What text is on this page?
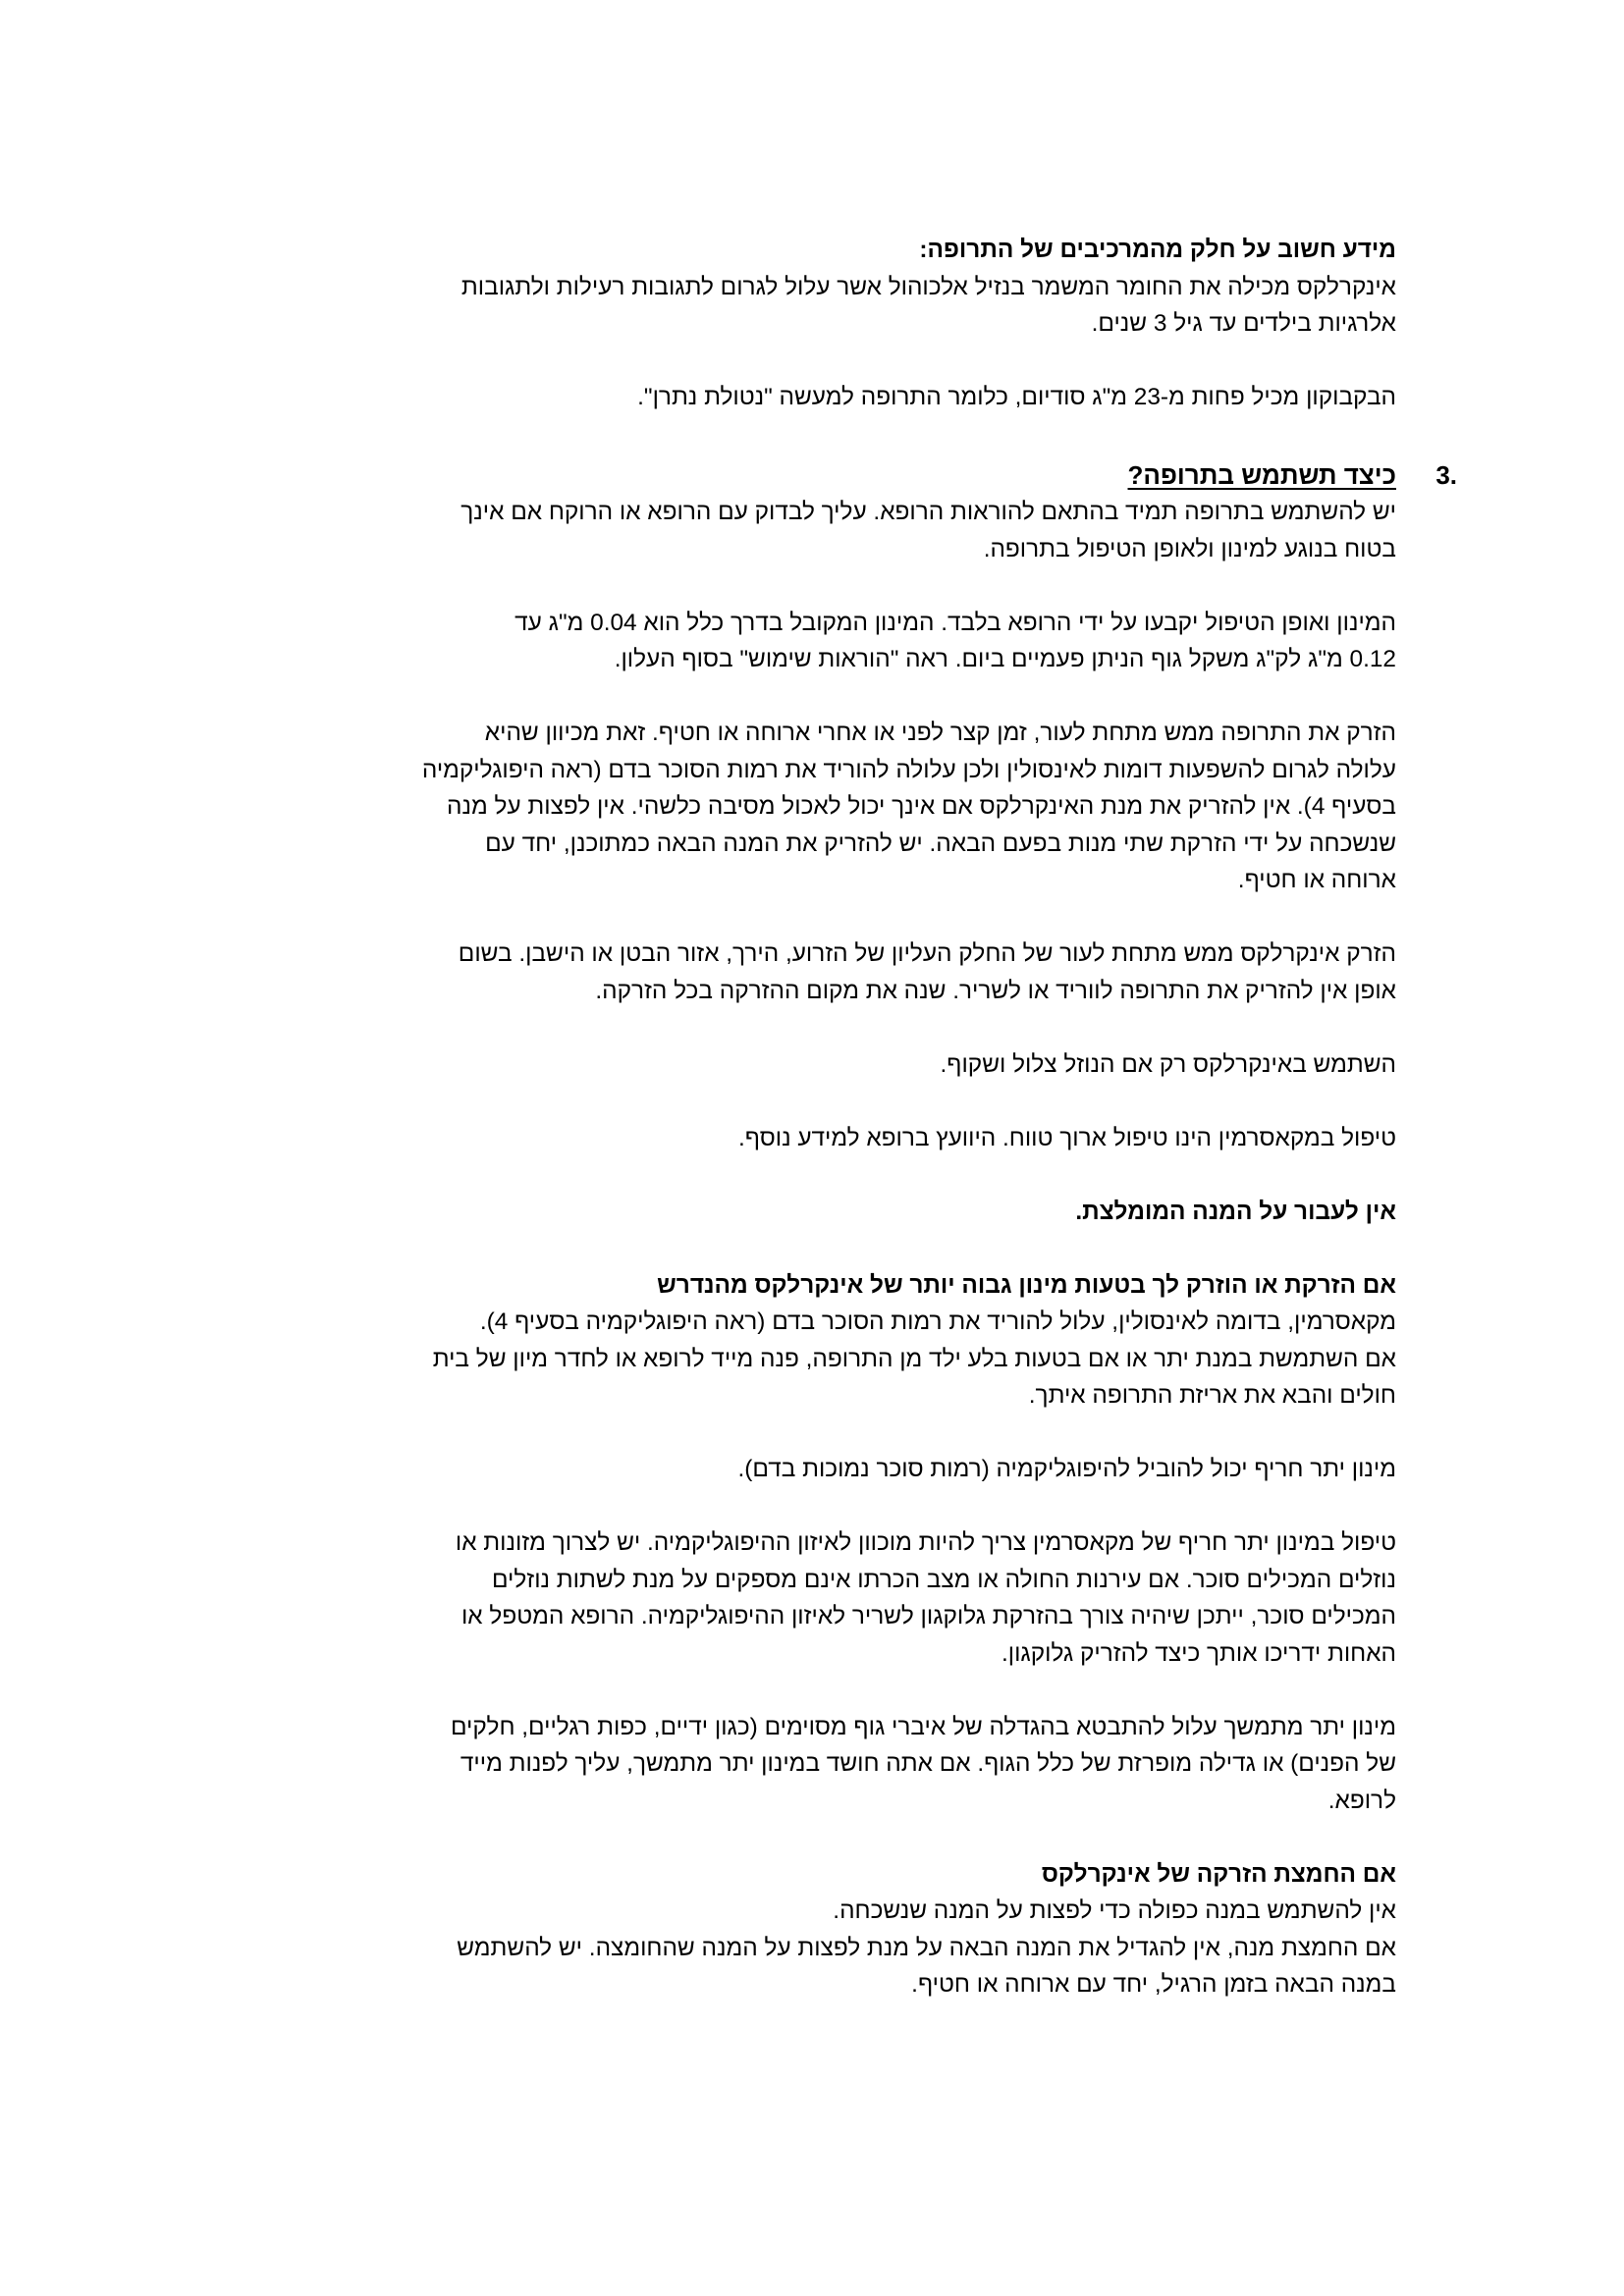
מידע חשוב על חלק מהמרכיבים של התרופה:
אינקרלקס מכילה את החומר המשמר בנזיל אלכוהול אשר עלול לגרום לתגובות רעילות ולתגובות
אלרגיות בילדים עד גיל 3 שנים.
הבקבוקון מכיל פחות מ-23 מ"ג סודיום, כלומר התרופה למעשה "נטולת נתרן".
3.
כיצד תשתמש בתרופה?
יש להשתמש בתרופה תמיד בהתאם להוראות הרופא. עליך לבדוק עם הרופא או הרוקח אם אינך
בטוח בנוגע למינון ולאופן הטיפול בתרופה.
המינון ואופן הטיפול יקבעו על ידי הרופא בלבד. המינון המקובל בדרך כלל הוא 0.04 מ"ג עד
0.12 מ"ג לק"ג משקל גוף הניתן פעמיים ביום. ראה "הוראות שימוש" בסוף העלון.
הזרק את התרופה ממש מתחת לעור, זמן קצר לפני או אחרי ארוחה או חטיף. זאת מכיוון שהיא
עלולה לגרום להשפעות דומות לאינסולין ולכן עלולה להוריד את רמות הסוכר בדם (ראה היפוגליקמיה
בסעיף 4). אין להזריק את מנת האינקרלקס אם אינך יכול לאכול מסיבה כלשהי. אין לפצות על מנה
שנשכחה על ידי הזרקת שתי מנות בפעם הבאה. יש להזריק את המנה הבאה כמתוכנן, יחד עם
ארוחה או חטיף.
הזרק אינקרלקס ממש מתחת לעור של החלק העליון של הזרוע, הירך, אזור הבטן או הישבן. בשום
אופן אין להזריק את התרופה לווריד או לשריר. שנה את מקום ההזרקה בכל הזרקה.
השתמש באינקרלקס רק אם הנוזל צלול ושקוף.
טיפול במקאסרמין הינו טיפול ארוך טווח. היוועץ ברופא למידע נוסף.
אין לעבור על המנה המומלצת.
אם הזרקת או הוזרק לך בטעות מינון גבוה יותר של אינקרלקס מהנדרש
מקאסרמין, בדומה לאינסולין, עלול להוריד את רמות הסוכר בדם (ראה היפוגליקמיה בסעיף 4).
אם השתמשת במנת יתר או אם בטעות בלע ילד מן התרופה, פנה מייד לרופא או לחדר מיון של בית
חולים והבא את אריזת התרופה איתך.
מינון יתר חריף יכול להוביל להיפוגליקמיה (רמות סוכר נמוכות בדם).
טיפול במינון יתר חריף של מקאסרמין צריך להיות מוכוון לאיזון ההיפוגליקמיה. יש לצרוך מזונות או
נוזלים המכילים סוכר. אם עירנות החולה או מצב הכרתו אינם מספקים על מנת לשתות נוזלים
המכילים סוכר, ייתכן שיהיה צורך בהזרקת גלוקגון לשריר לאיזון ההיפוגליקמיה. הרופא המטפל או
האחות ידריכו אותך כיצד להזריק גלוקגון.
מינון יתר מתמשך עלול להתבטא בהגדלה של איברי גוף מסוימים (כגון ידיים, כפות רגליים, חלקים
של הפנים) או גדילה מופרזת של כלל הגוף. אם אתה חושד במינון יתר מתמשך, עליך לפנות מייד
לרופא.
אם החמצת הזרקה של אינקרלקס
אין להשתמש במנה כפולה כדי לפצות על המנה שנשכחה.
אם החמצת מנה, אין להגדיל את המנה הבאה על מנת לפצות על המנה שהחומצה. יש להשתמש
במנה הבאה בזמן הרגיל, יחד עם ארוחה או חטיף.
